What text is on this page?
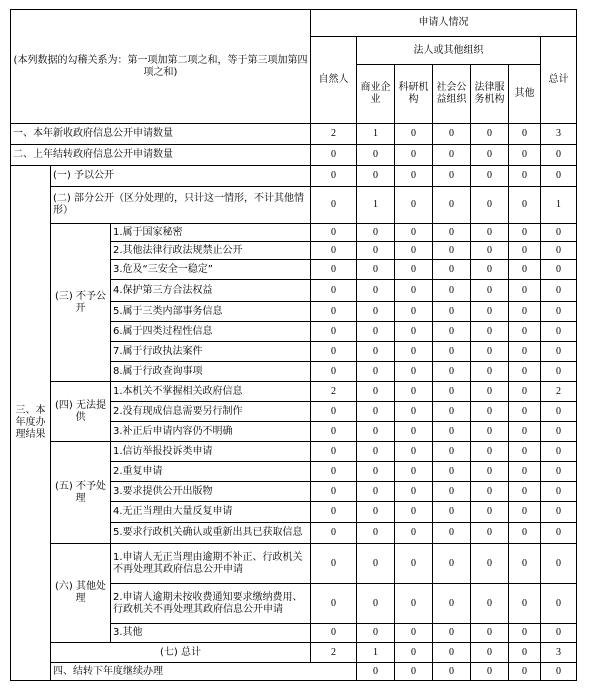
(本列数据的勾稽关系为：第一项加第二项之和，等于第三项加第四项之和)			申请人情况							
			自然人	法人或其他组织					总计	
				商业企业	科研机构	社会公益组织	法律服务机构	其他		
一、本年新收政府信息公开申请数量			2	1	0	0	0	0	3	
二、上年结转政府信息公开申请数量			0	0	0	0	0	0	0	
三、本年度办理结果	(一) 予以公开		0	0	0	0	0	0	0	
	(二) 部分公开（区分处理的，只计这一情形，不计其他情形）		0	1	0	0	0	0	1	
	(三) 不予公开	1.属于国家秘密	0	0	0	0	0	0	0	
		2.其他法律行政法规禁止公开	0	0	0	0	0	0	0	
		3.危及“三安全一稳定”	0	0	0	0	0	0	0	
		4.保护第三方合法权益	0	0	0	0	0	0	0	
		5.属于三类内部事务信息	0	0	0	0	0	0	0	
		6.属于四类过程性信息	0	0	0	0	0	0	0	
		7.属于行政执法案件	0	0	0	0	0	0	0	
		8.属于行政查询事项	0	0	0	0	0	0	0	
	(四) 无法提供	1.本机关不掌握相关政府信息	2	0	0	0	0	0	2	
		2.没有现成信息需要另行制作	0	0	0	0	0	0	0	
		3.补正后申请内容仍不明确	0	0	0	0	0	0	0	
	(五) 不予处理	1.信访举报投诉类申请	0	0	0	0	0	0	0	
		2.重复申请	0	0	0	0	0	0	0	
		3.要求提供公开出版物	0	0	0	0	0	0	0	
		4.无正当理由大量反复申请	0	0	0	0	0	0	0	
		5.要求行政机关确认或重新出具已获取信息	0	0	0	0	0	0	0	
	(六) 其他处理	1.申请人无正当理由逾期不补正、行政机关不再处理其政府信息公开申请	0	0	0	0	0	0	0	
		2.申请人逾期未按收费通知要求缴纳费用、行政机关不再处理其政府信息公开申请	0	0	0	0	0	0	0	
		3.其他	0	0	0	0	0	0	0	
	(七) 总计		2	1	0	0	0	0	3	
	四、结转下年度继续办理			0	0	0	0	0	0	
